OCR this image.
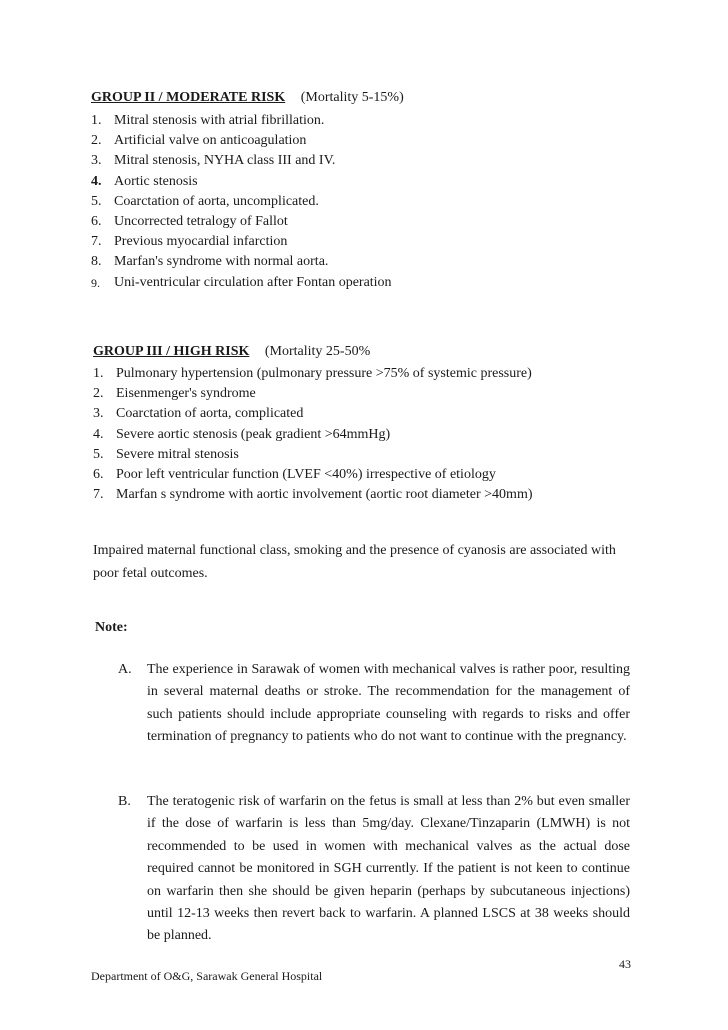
GROUP II / MODERATE RISK (Mortality 5-15%)
1. Mitral stenosis with atrial fibrillation.
2. Artificial valve on anticoagulation
3. Mitral stenosis, NYHA class III and IV.
4. Aortic stenosis
5. Coarctation of aorta, uncomplicated.
6. Uncorrected tetralogy of Fallot
7. Previous myocardial infarction
8. Marfan's syndrome with normal aorta.
9. Uni-ventricular circulation after Fontan operation
GROUP III / HIGH RISK (Mortality 25-50%
1. Pulmonary hypertension (pulmonary pressure >75% of systemic pressure)
2. Eisenmenger's syndrome
3. Coarctation of aorta, complicated
4. Severe aortic stenosis (peak gradient >64mmHg)
5. Severe mitral stenosis
6. Poor left ventricular function (LVEF <40%) irrespective of etiology
7. Marfan s syndrome with aortic involvement (aortic root diameter >40mm)

Impaired maternal functional class, smoking and the presence of cyanosis are associated with poor fetal outcomes.

Note:
A. The experience in Sarawak of women with mechanical valves is rather poor, resulting in several maternal deaths or stroke. The recommendation for the management of such patients should include appropriate counseling with regards to risks and offer termination of pregnancy to patients who do not want to continue with the pregnancy.

B. The teratogenic risk of warfarin on the fetus is small at less than 2% but even smaller if the dose of warfarin is less than 5mg/day. Clexane/Tinzaparin (LMWH) is not recommended to be used in women with mechanical valves as the actual dose required cannot be monitored in SGH currently. If the patient is not keen to continue on warfarin then she should be given heparin (perhaps by subcutaneous injections) until 12-13 weeks then revert back to warfarin. A planned LSCS at 38 weeks should be planned.

43
Department of O&G, Sarawak General Hospital
